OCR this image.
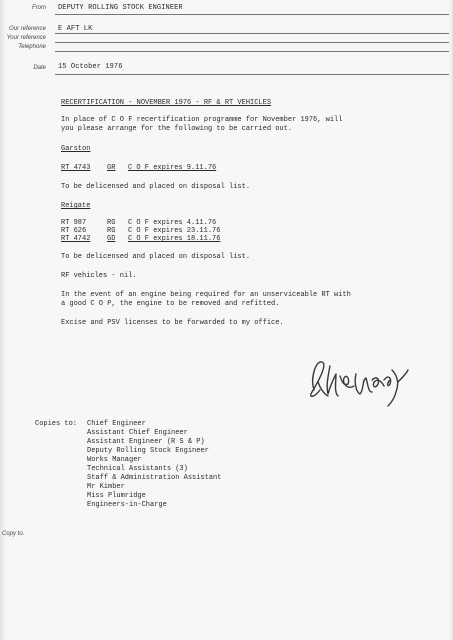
From DEPUTY ROLLING STOCK ENGINEER
Our reference E AFT LK
Your reference
Telephone
Date 15 October 1976
RECERTIFICATION - NOVEMBER 1976 - RF & RT VEHICLES
In place of C O F recertification programme for November 1976, will
you please arrange for the following to be carried out.
Garston
RT 4743 GR C O F expires 9.11.76
To be delicensed and placed on disposal list.
Reigate
RT 987	RG C O F expires 4.11.76
RT 626	RG C O F expires 23.11.76
RT 4742 GD C O F expires 18.11.76
To be delicensed and placed on disposal list.
RF vehicles - nil.
In the event of an engine being required for an unserviceable RT with
a good C O P, the engine to be removed and refitted.
Excise and PSV licenses to be forwarded to my office.
Copies to: Chief Engineer
Assistant Chief Engineer
Assistant Engineer (R S & P)
Deputy Rolling Stock Engineer
Works Manager
Technical Assistants (3)
Staff & Administration Assistant
Mr Kimber
Miss Plumridge
Engineers-in-Charge
Copy to.
